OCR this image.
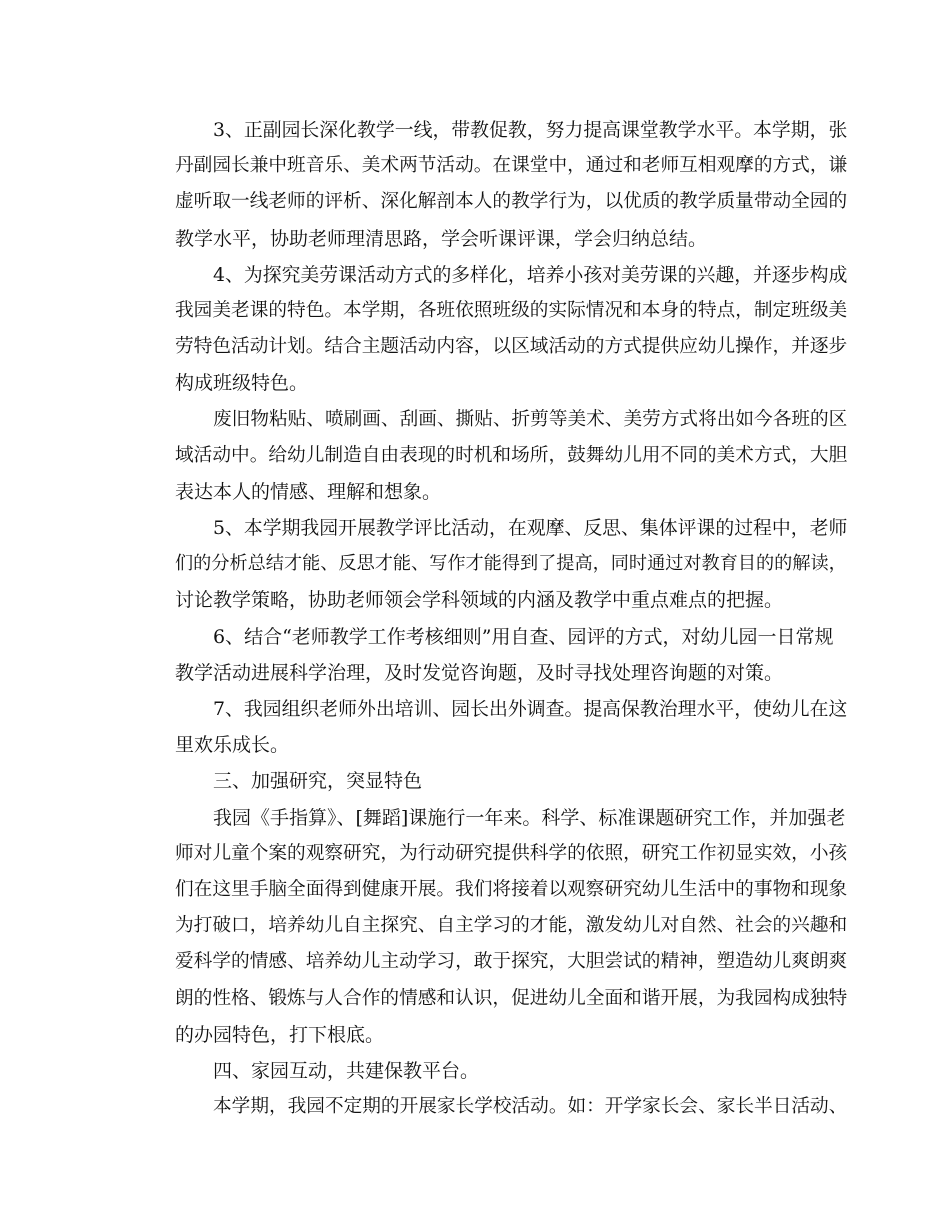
3、正副园长深化教学一线，带教促教，努力提高课堂教学水平。本学期，张
丹副园长兼中班音乐、美术两节活动。在课堂中，通过和老师互相观摩的方式，谦
虚听取一线老师的评析、深化解剖本人的教学行为，以优质的教学质量带动全园的
教学水平，协助老师理清思路，学会听课评课，学会归纳总结。
4、为探究美劳课活动方式的多样化，培养小孩对美劳课的兴趣，并逐步构成
我园美老课的特色。本学期，各班依照班级的实际情况和本身的特点，制定班级美
劳特色活动计划。结合主题活动内容，以区域活动的方式提供应幼儿操作，并逐步
构成班级特色。
废旧物粘贴、喷刷画、刮画、撕贴、折剪等美术、美劳方式将出如今各班的区
域活动中。给幼儿制造自由表现的时机和场所，鼓舞幼儿用不同的美术方式，大胆
表达本人的情感、理解和想象。
5、本学期我园开展教学评比活动，在观摩、反思、集体评课的过程中，老师
们的分析总结才能、反思才能、写作才能得到了提高，同时通过对教育目的的解读，
讨论教学策略，协助老师领会学科领域的内涵及教学中重点难点的把握。
6、结合“老师教学工作考核细则”用自查、园评的方式，对幼儿园一日常规
教学活动进展科学治理，及时发觉咨询题，及时寻找处理咨询题的对策。
7、我园组织老师外出培训、园长出外调查。提高保教治理水平，使幼儿在这
里欢乐成长。
三、加强研究，突显特色
我园《手指算》、[舞蹈]课施行一年来。科学、标准课题研究工作，并加强老
师对儿童个案的观察研究，为行动研究提供科学的依照，研究工作初显实效，小孩
们在这里手脑全面得到健康开展。我们将接着以观察研究幼儿生活中的事物和现象
为打破口，培养幼儿自主探究、自主学习的才能，激发幼儿对自然、社会的兴趣和
爱科学的情感、培养幼儿主动学习，敢于探究，大胆尝试的精神，塑造幼儿爽朗爽
朗的性格、锻炼与人合作的情感和认识，促进幼儿全面和谐开展，为我园构成独特
的办园特色，打下根底。
四、家园互动，共建保教平台。
本学期，我园不定期的开展家长学校活动。如：开学家长会、家长半日活动、
